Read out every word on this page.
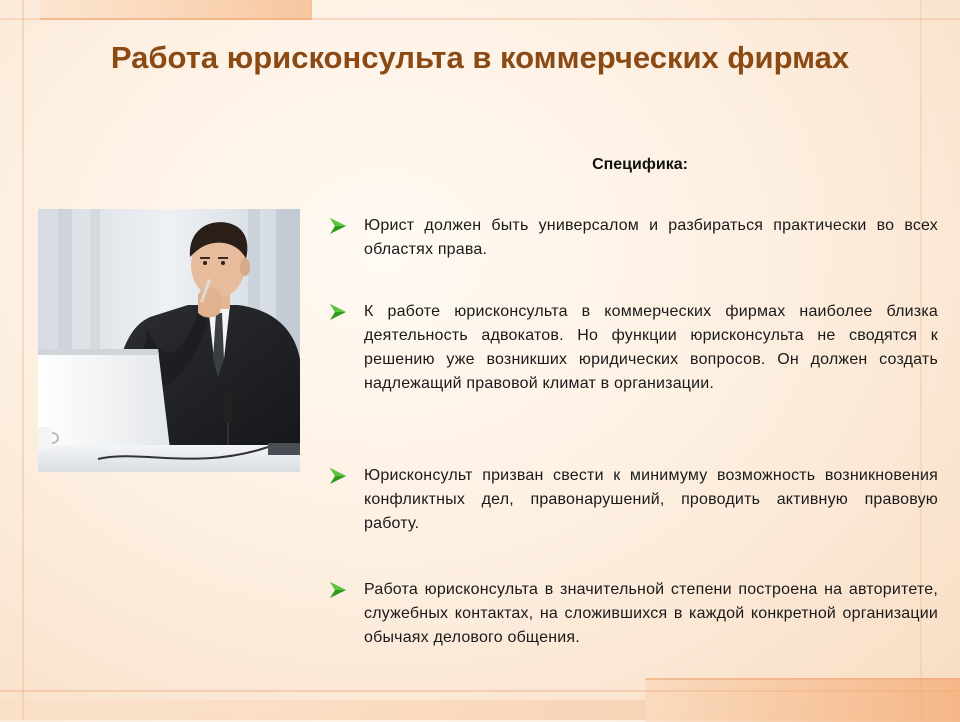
Работа юрисконсульта в коммерческих фирмах
Специфика:
Юрист должен быть универсалом и разбираться практически во всех областях права.
К работе юрисконсульта в коммерческих фирмах наиболее близка деятельность адвокатов. Но функции юрисконсульта не сводятся к решению уже возникших юридических вопросов. Он должен создать надлежащий правовой климат в организации.
Юрисконсульт призван свести к минимуму возможность возникновения конфликтных дел, правонарушений, проводить активную правовую работу.
Работа юрисконсульта в значительной степени построена на авторитете, служебных контактах, на сложившихся в каждой конкретной организации обычаях делового общения.
